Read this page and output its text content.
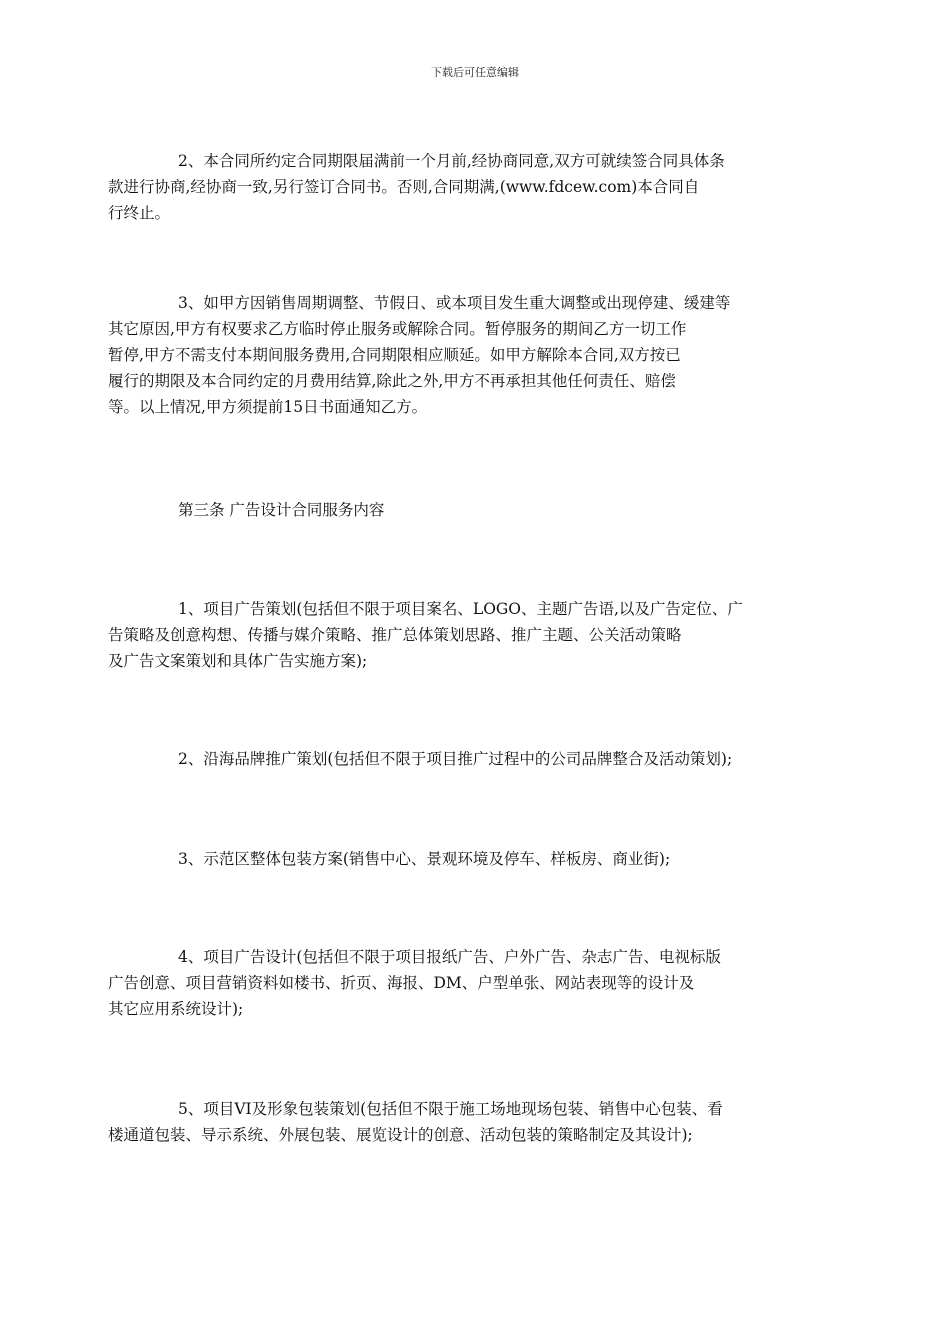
下载后可任意编辑
2、本合同所约定合同期限届满前一个月前,经协商同意,双方可就续签合同具体条
款进行协商,经协商一致,另行签订合同书。否则,合同期满,(www.fdcew.com)本合同自
行终止。
3、如甲方因销售周期调整、节假日、或本项目发生重大调整或出现停建、缓建等
其它原因,甲方有权要求乙方临时停止服务或解除合同。暂停服务的期间乙方一切工作
暂停,甲方不需支付本期间服务费用,合同期限相应顺延。如甲方解除本合同,双方按已
履行的期限及本合同约定的月费用结算,除此之外,甲方不再承担其他任何责任、赔偿
等。以上情况,甲方须提前15日书面通知乙方。
第三条 广告设计合同服务内容
1、项目广告策划(包括但不限于项目案名、LOGO、主题广告语,以及广告定位、广
告策略及创意构想、传播与媒介策略、推广总体策划思路、推广主题、公关活动策略
及广告文案策划和具体广告实施方案);
2、沿海品牌推广策划(包括但不限于项目推广过程中的公司品牌整合及活动策划);
3、示范区整体包装方案(销售中心、景观环境及停车、样板房、商业街);
4、项目广告设计(包括但不限于项目报纸广告、户外广告、杂志广告、电视标版
广告创意、项目营销资料如楼书、折页、海报、DM、户型单张、网站表现等的设计及
其它应用系统设计);
5、项目VI及形象包装策划(包括但不限于施工场地现场包装、销售中心包装、看
楼通道包装、导示系统、外展包装、展览设计的创意、活动包装的策略制定及其设计);
